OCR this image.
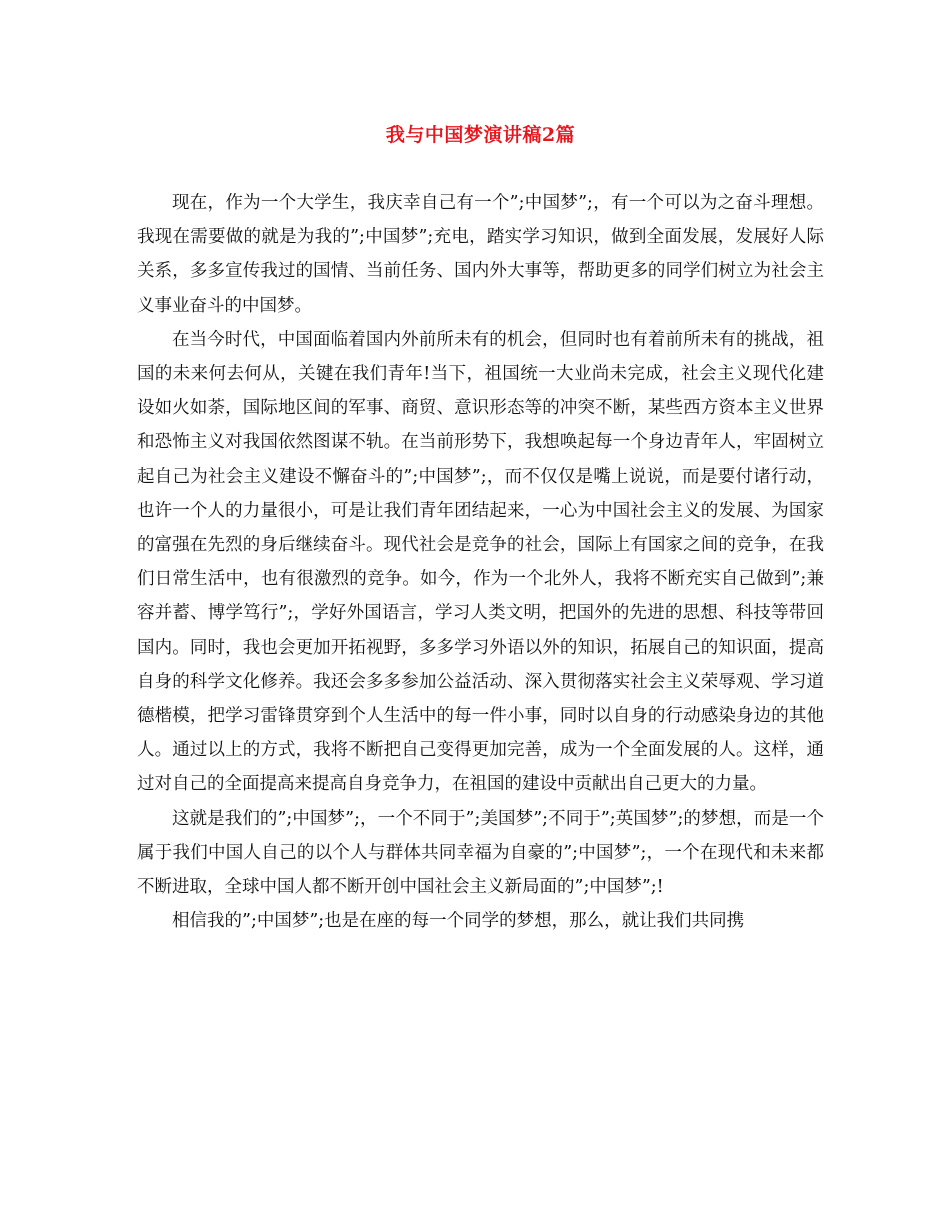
我与中国梦演讲稿2篇

现在，作为一个大学生，我庆幸自己有一个”;中国梦”;，有一个可以为之奋斗理想。我现在需要做的就是为我的”;中国梦”;充电，踏实学习知识，做到全面发展，发展好人际关系，多多宣传我过的国情、当前任务、国内外大事等，帮助更多的同学们树立为社会主义事业奋斗的中国梦。

在当今时代，中国面临着国内外前所未有的机会，但同时也有着前所未有的挑战，祖国的未来何去何从，关键在我们青年!当下，祖国统一大业尚未完成，社会主义现代化建设如火如荼，国际地区间的军事、商贸、意识形态等的冲突不断，某些西方资本主义世界和恐怖主义对我国依然图谋不轨。在当前形势下，我想唤起每一个身边青年人，牢固树立起自己为社会主义建设不懈奋斗的”;中国梦”;，而不仅仅是嘴上说说，而是要付诸行动，也许一个人的力量很小，可是让我们青年团结起来，一心为中国社会主义的发展、为国家的富强在先烈的身后继续奋斗。现代社会是竞争的社会，国际上有国家之间的竞争，在我们日常生活中，也有很激烈的竞争。如今，作为一个北外人，我将不断充实自己做到”;兼容并蓄、博学笃行”;，学好外国语言，学习人类文明，把国外的先进的思想、科技等带回国内。同时，我也会更加开拓视野，多多学习外语以外的知识，拓展自己的知识面，提高自身的科学文化修养。我还会多多参加公益活动、深入贯彻落实社会主义荣辱观、学习道德楷模，把学习雷锋贯穿到个人生活中的每一件小事，同时以自身的行动感染身边的其他人。通过以上的方式，我将不断把自己变得更加完善，成为一个全面发展的人。这样，通过对自己的全面提高来提高自身竞争力，在祖国的建设中贡献出自己更大的力量。

这就是我们的”;中国梦”;，一个不同于”;美国梦”;不同于”;英国梦”;的梦想，而是一个属于我们中国人自己的以个人与群体共同幸福为自豪的”;中国梦”;，一个在现代和未来都不断进取，全球中国人都不断开创中国社会主义新局面的”;中国梦”;!

相信我的”;中国梦”;也是在座的每一个同学的梦想，那么，就让我们共同携
